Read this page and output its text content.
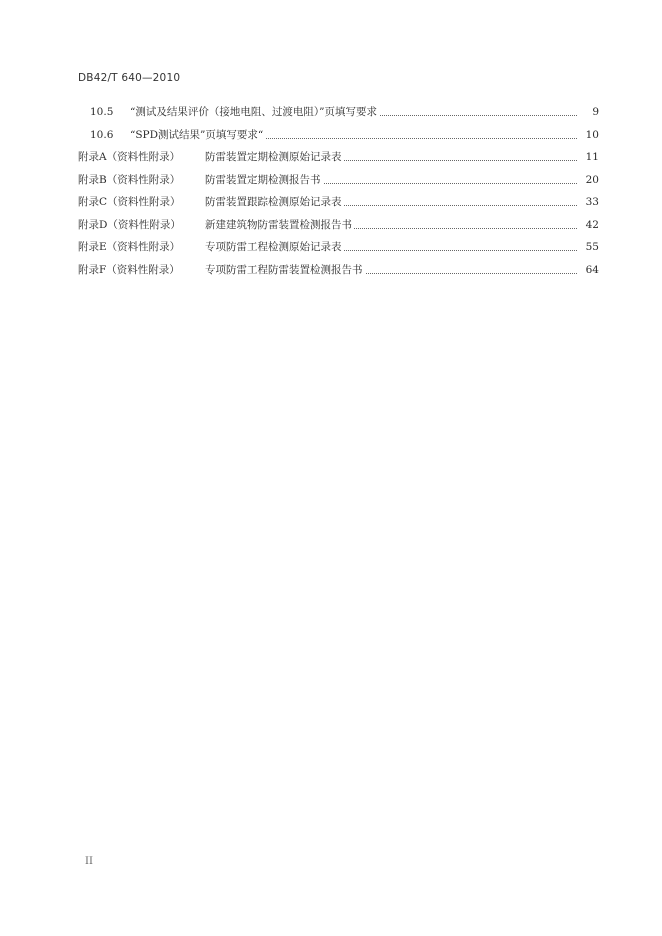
DB42/T 640—2010
10.5 “测试及结果评价（接地电阻、过渡电阻）”页填写要求	9
10.6 “SPD测试结果”页填写要求“	10
附录A（资料性附录） 防雷装置定期检测原始记录表	11
附录B（资料性附录） 防雷装置定期检测报告书	20
附录C（资料性附录） 防雷装置跟踪检测原始记录表	33
附录D（资料性附录） 新建建筑物防雷装置检测报告书	42
附录E（资料性附录） 专项防雷工程检测原始记录表	55
附录F（资料性附录） 专项防雷工程防雷装置检测报告书	64
II
